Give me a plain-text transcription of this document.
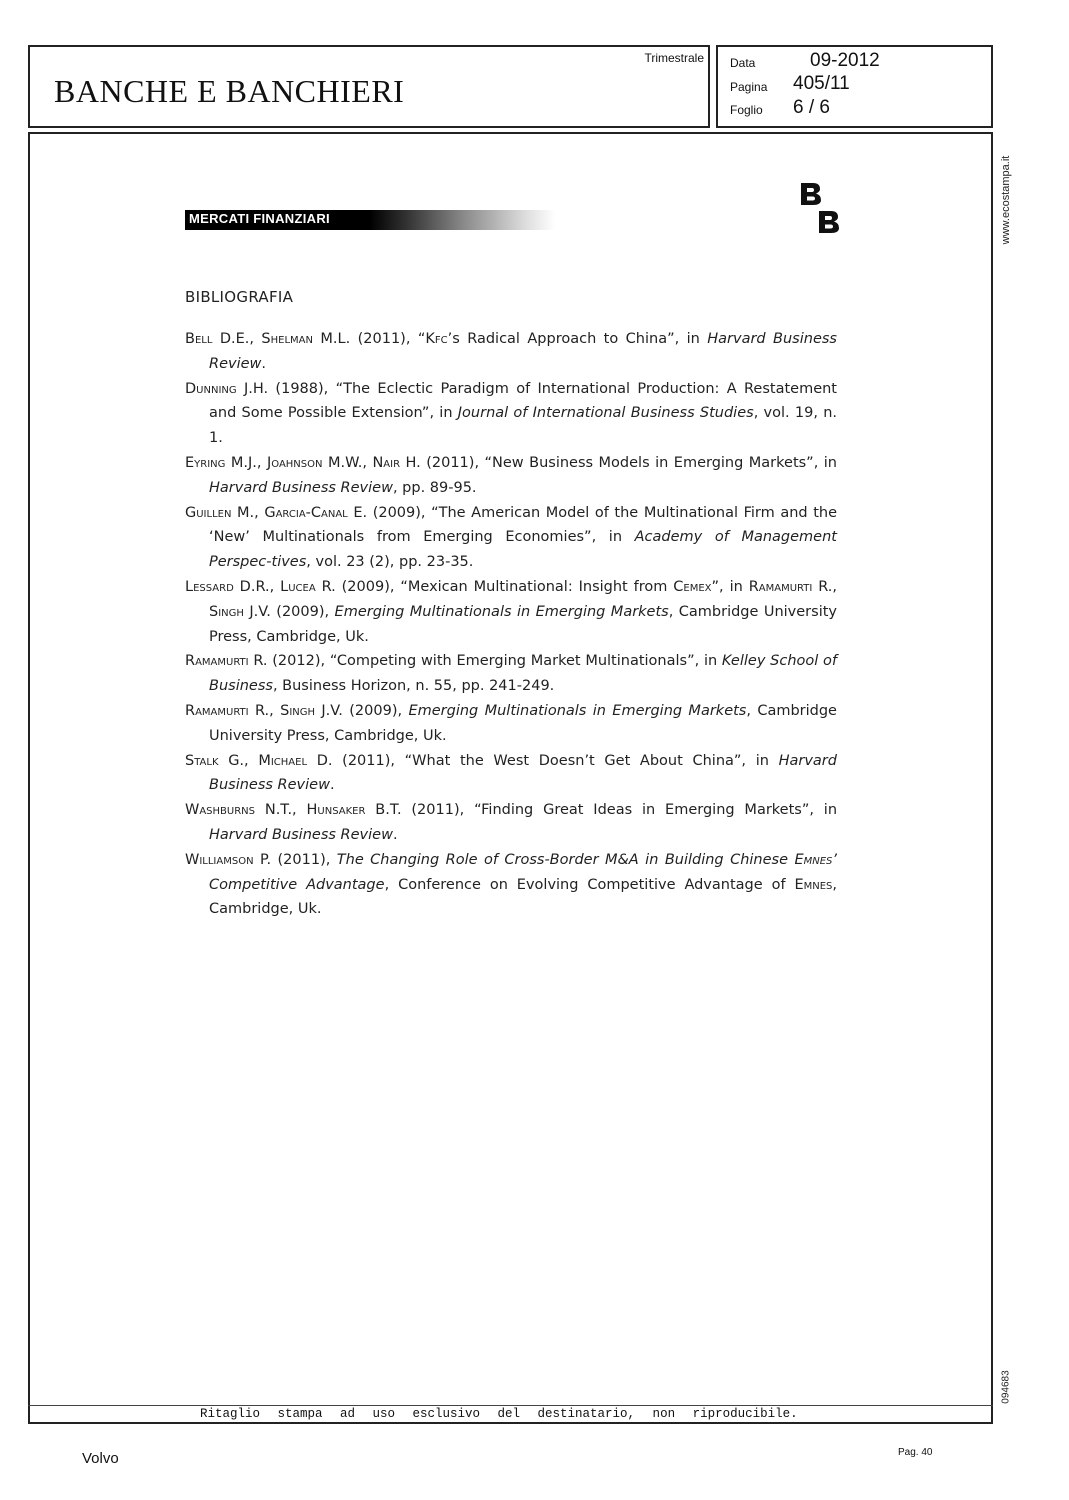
BANCHE E BANCHIERI
Trimestrale Data	09-2012
Pagina 405/11
Foglio 6 / 6
www.ecostampa.it
094683
MERCATI FINANZIARI
BIBLIOGRAFIA
Bell D.E., Shelman M.L. (2011), “Kfc’s Radical Approach to China”, in Harvard Business Review.
Dunning J.H. (1988), “The Eclectic Paradigm of International Production: A Restatement and Some Possible Extension”, in Journal of International Business Studies, vol. 19, n. 1.
Eyring M.J., Joahnson M.W., Nair H. (2011), “New Business Models in Emerging Markets”, in Harvard Business Review, pp. 89-95.
Guillen M., Garcia-Canal E. (2009), “The American Model of the Multinational Firm and the ‘New’ Multinationals from Emerging Economies”, in Academy of Management Perspec-tives, vol. 23 (2), pp. 23-35.
Lessard D.R., Lucea R. (2009), “Mexican Multinational: Insight from Cemex”, in Ramamurti R., Singh J.V. (2009), Emerging Multinationals in Emerging Markets, Cambridge University Press, Cambridge, Uk.
Ramamurti R. (2012), “Competing with Emerging Market Multinationals”, in Kelley School of Business, Business Horizon, n. 55, pp. 241-249.
Ramamurti R., Singh J.V. (2009), Emerging Multinationals in Emerging Markets, Cambridge University Press, Cambridge, Uk.
Stalk G., Michael D. (2011), “What the West Doesn’t Get About China”, in Harvard Business Review.
Washburns N.T., Hunsaker B.T. (2011), “Finding Great Ideas in Emerging Markets”, in Harvard Business Review.
Williamson P. (2011), The Changing Role of Cross-Border M&A in Building Chinese Emnes’ Competitive Advantage, Conference on Evolving Competitive Advantage of Emnes, Cambridge, Uk.
Ritaglio stampa ad uso esclusivo del destinatario, non riproducibile.
Volvo	Pag. 40
